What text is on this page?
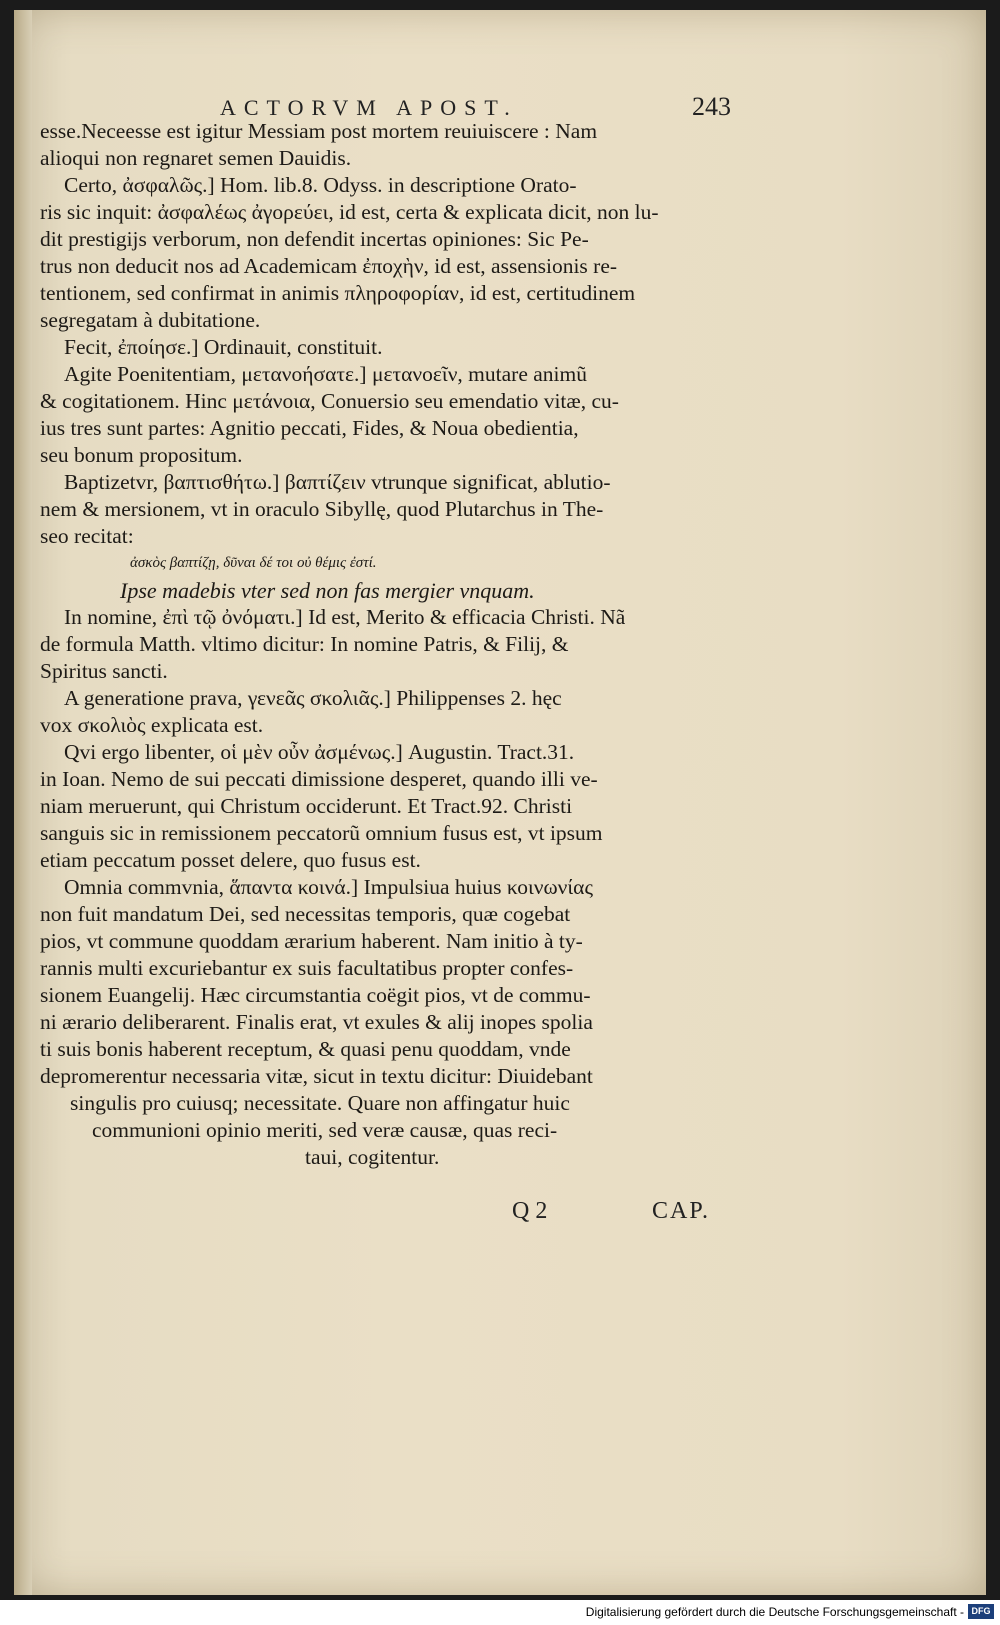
ACTORVM APOST.	243
esse.Neceesse est igitur Messiam post mortem reuiuiscere : Nam
alioqui non regnaret semen Dauidis.
Certo, ἀσφαλῶς.] Hom. lib.8. Odyss. in descriptione Orato-
ris sic inquit: ἀσφαλέως ἀγορεύει, id est, certa & explicata dicit, non lu-
dit prestigijs verborum, non defendit incertas opiniones: Sic Pe-
trus non deducit nos ad Academicam ἐποχὴν, id est, assensionis re-
tentionem, sed confirmat in animis πληροφορίαν, id est, certitudinem
segregatam à dubitatione.
Fecit, ἐποίησε.] Ordinauit, constituit.
Agite Poenitentiam, μετανοήσατε.] μετανοεῖν, mutare animũ
& cogitationem. Hinc μετάνοια, Conuersio seu emendatio vitæ, cu-
ius tres sunt partes: Agnitio peccati, Fides, & Noua obedientia,
seu bonum propositum.
Baptizetvr, βαπτισθήτω.] βαπτίζειν vtrunque significat, ablutio-
nem & mersionem, vt in oraculo Sibyllę, quod Plutarchus in The-
seo recitat:
ἀσκὸς βαπτίζῃ, δῦναι δέ τοι οὐ θέμις ἐστί.
Ipse madebis vter sed non fas mergier vnquam.
In nomine, ἐπὶ τῷ ὀνόματι.] Id est, Merito & efficacia Christi. Nã
de formula Matth. vltimo dicitur: In nomine Patris, & Filij, &
Spiritus sancti.
A generatione prava, γενεᾶς σκολιᾶς.] Philippenses 2. hęc
vox σκολιὸς explicata est.
Qvi ergo libenter, οἱ μὲν οὖν ἀσμένως.] Augustin. Tract.31.
in Ioan. Nemo de sui peccati dimissione desperet, quando illi ve-
niam meruerunt, qui Christum occiderunt. Et Tract.92. Christi
sanguis sic in remissionem peccatorũ omnium fusus est, vt ipsum
etiam peccatum posset delere, quo fusus est.
Omnia commvnia, ἅπαντα κοινά.] Impulsiua huius κοινωνίας
non fuit mandatum Dei, sed necessitas temporis, quæ cogebat
pios, vt commune quoddam ærarium haberent. Nam initio à ty-
rannis multi excuriebantur ex suis facultatibus propter confes-
sionem Euangelij. Hæc circumstantia coëgit pios, vt de commu-
ni ærario deliberarent. Finalis erat, vt exules & alij inopes spolia
ti suis bonis haberent receptum, & quasi penu quoddam, vnde
depromerentur necessaria vitæ, sicut in textu dicitur: Diuidebant
singulis pro cuiusq; necessitate. Quare non affingatur huic
communioni opinio meriti, sed veræ causæ, quas reci-
taui, cogitentur.
Q 2	CAP.
Digitalisierung gefördert durch die Deutsche Forschungsgemeinschaft - DFG
